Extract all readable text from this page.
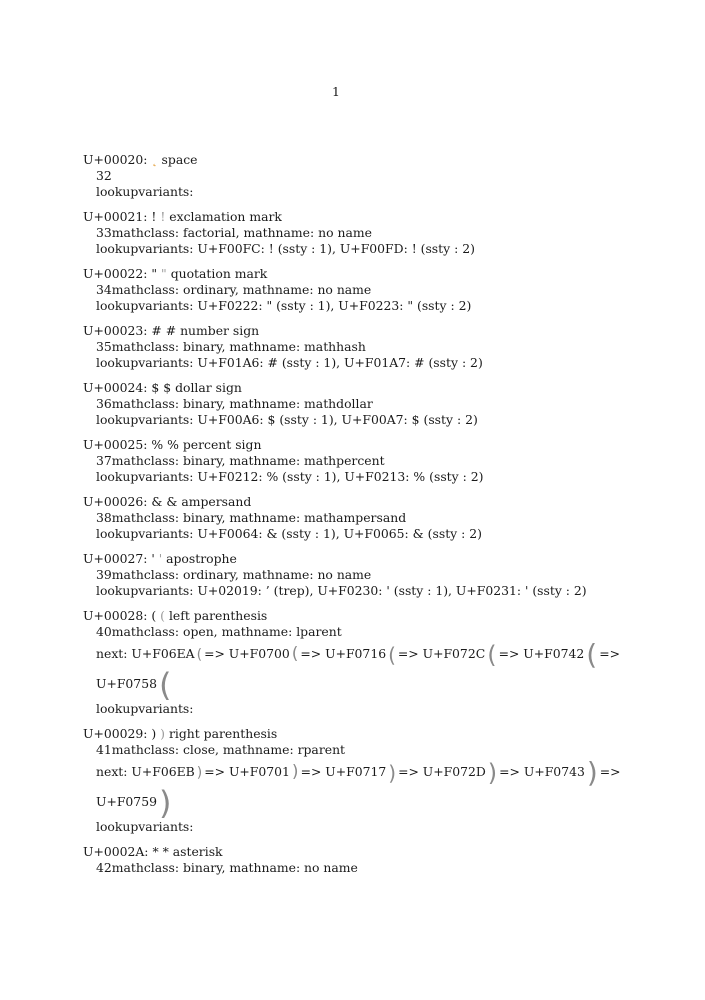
1
U+00020: ˛ space
32
lookupvariants:
U+00021: ! ! exclamation mark
33mathclass: factorial, mathname: no name
lookupvariants: U+F00FC: ! (ssty : 1), U+F00FD: ! (ssty : 2)
U+00022: " " quotation mark
34mathclass: ordinary, mathname: no name
lookupvariants: U+F0222: " (ssty : 1), U+F0223: " (ssty : 2)
U+00023: # # number sign
35mathclass: binary, mathname: mathhash
lookupvariants: U+F01A6: # (ssty : 1), U+F01A7: # (ssty : 2)
U+00024: $ $ dollar sign
36mathclass: binary, mathname: mathdollar
lookupvariants: U+F00A6: $ (ssty : 1), U+F00A7: $ (ssty : 2)
U+00025: % % percent sign
37mathclass: binary, mathname: mathpercent
lookupvariants: U+F0212: % (ssty : 1), U+F0213: % (ssty : 2)
U+00026: & & ampersand
38mathclass: binary, mathname: mathampersand
lookupvariants: U+F0064: & (ssty : 1), U+F0065: & (ssty : 2)
U+00027: ' ' apostrophe
39mathclass: ordinary, mathname: no name
lookupvariants: U+02019: ’ (trep), U+F0230: ' (ssty : 1), U+F0231: ' (ssty : 2)
U+00028: ( ( left parenthesis
40mathclass: open, mathname: lparent
next: U+F06EA ( => U+F0700 ( => U+F0716 ( => U+F072C( => U+F0742( =>
U+F0758(
lookupvariants:
U+00029: ) ) right parenthesis
41mathclass: close, mathname: rparent
next: U+F06EB ) => U+F0701 ) => U+F0717 ) => U+F072D) => U+F0743) =>
U+F0759)
lookupvariants:
U+0002A: * * asterisk
42mathclass: binary, mathname: no name
